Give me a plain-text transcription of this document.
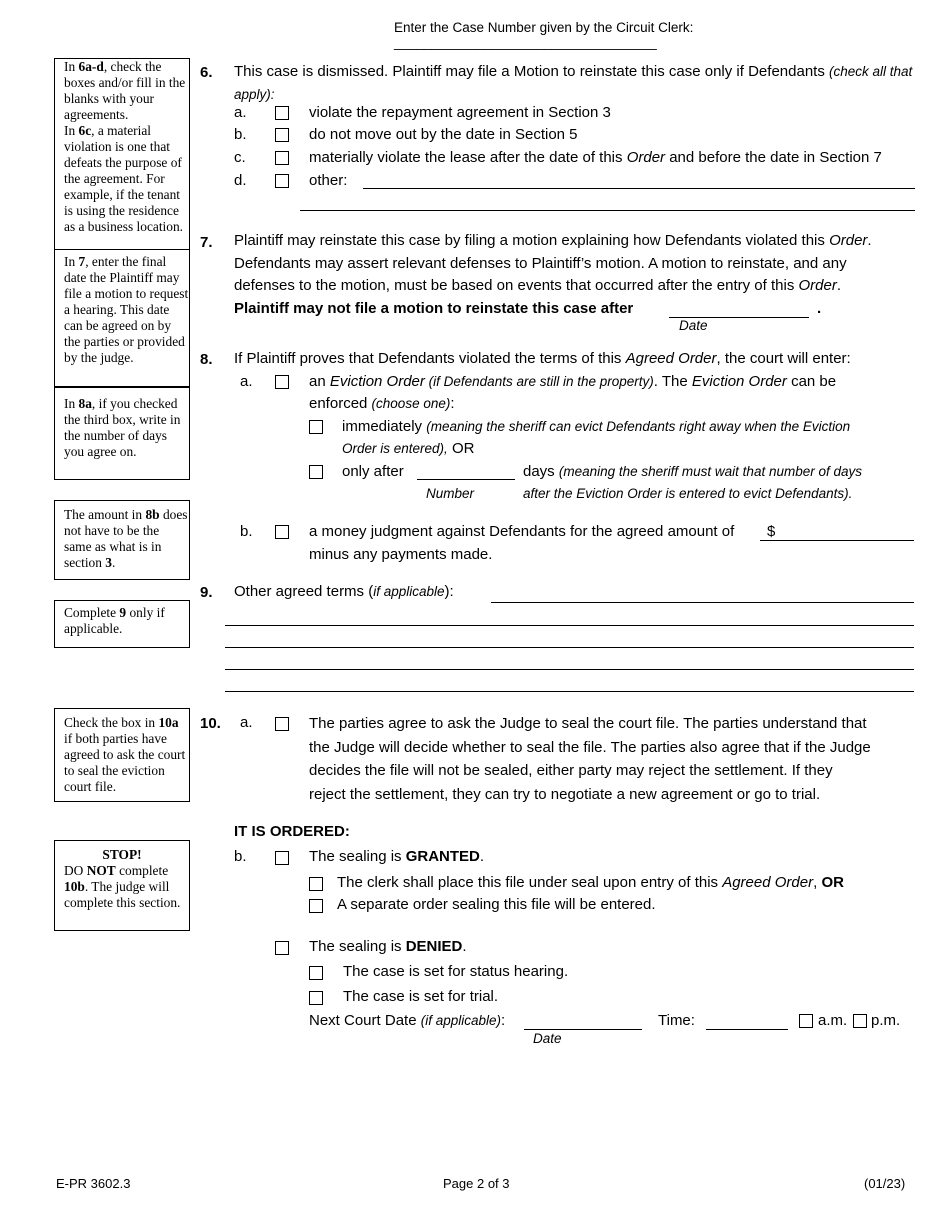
Enter the Case Number given by the Circuit Clerk: ___________________________________

In 6a-d, check the boxes and/or fill in the blanks with your agreements.

In 6c, a material violation is one that defeats the purpose of the agreement. For example, if the tenant is using the residence as a business location.

In 7, enter the final date the Plaintiff may file a motion to request a hearing. This date can be agreed on by the parties or provided by the judge.

In 8a, if you checked the third box, write in the number of days you agree on.

The amount in 8b does not have to be the same as what is in section 3.

Complete 9 only if applicable.

Check the box in 10a if both parties have agreed to ask the court to seal the eviction court file.

STOP!

DO NOT complete 10b. The judge will complete this section.

6. This case is dismissed. Plaintiff may file a Motion to reinstate this case only if Defendants (check all that apply):
a.	violate the repayment agreement in Section 3
b.	do not move out by the date in Section 5
c.	materially violate the lease after the date of this Order and before the date in Section 7
d.	other:
7. Plaintiff may reinstate this case by filing a motion explaining how Defendants violated this Order.
Defendants may assert relevant defenses to Plaintiff’s motion. A motion to reinstate, and any
defenses to the motion, must be based on events that occurred after the entry of this Order.
Plaintiff may not file a motion to reinstate this case after	.
Date
8. If Plaintiff proves that Defendants violated the terms of this Agreed Order, the court will enter:
a.	an Eviction Order (if Defendants are still in the property). The Eviction Order can be
enforced (choose one):
immediately (meaning the sheriff can evict Defendants right away when the Eviction
Order is entered), OR
only after	days (meaning the sheriff must wait that number of days
Number	after the Eviction Order is entered to evict Defendants).
b.	a money judgment against Defendants for the agreed amount of $
minus any payments made.
9. Other agreed terms (if applicable):
10. a.	The parties agree to ask the Judge to seal the court file. The parties understand that
the Judge will decide whether to seal the file. The parties also agree that if the Judge
decides the file will not be sealed, either party may reject the settlement. If they
reject the settlement, they can try to negotiate a new agreement or go to trial.
IT IS ORDERED:
b.	The sealing is GRANTED.
The clerk shall place this file under seal upon entry of this Agreed Order, OR
A separate order sealing this file will be entered.
The sealing is DENIED.
The case is set for status hearing.
The case is set for trial.
Next Court Date (if applicable):
Date
Time:	a.m. p.m.
E-PR 3602.3	Page 2 of 3	(01/23)
